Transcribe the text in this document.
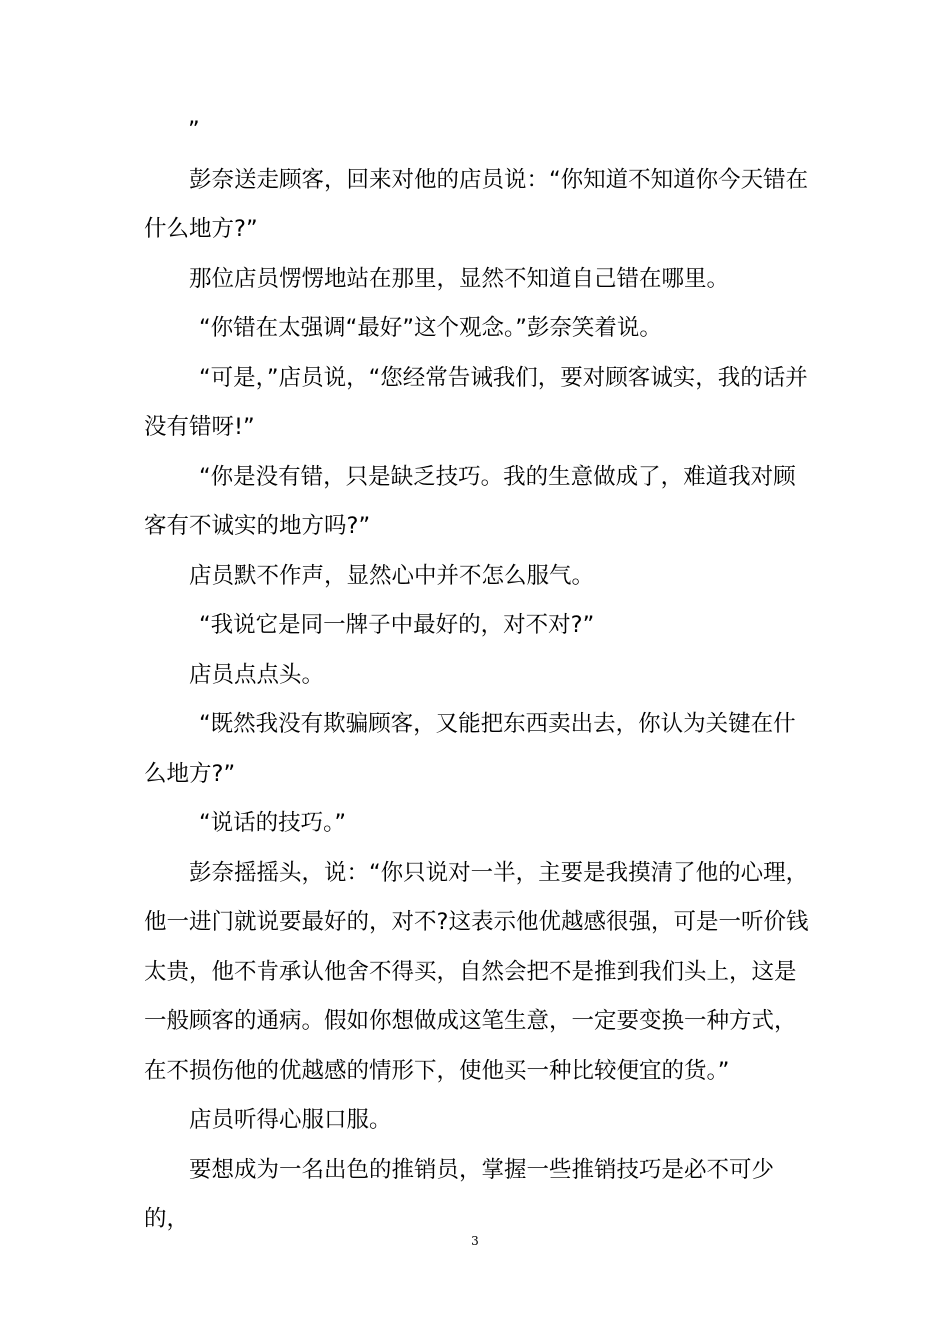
”

彭奈送走顾客，回来对他的店员说：“你知道不知道你今天错在什么地方?”

那位店员愣愣地站在那里，显然不知道自己错在哪里。

“你错在太强调“最好”这个观念。”彭奈笑着说。

“可是，”店员说，“您经常告诫我们，要对顾客诚实，我的话并没有错呀!”

“你是没有错，只是缺乏技巧。我的生意做成了，难道我对顾客有不诚实的地方吗?”

店员默不作声，显然心中并不怎么服气。

“我说它是同一牌子中最好的，对不对?”

店员点点头。

“既然我没有欺骗顾客，又能把东西卖出去，你认为关键在什么地方?”

“说话的技巧。”

彭奈摇摇头，说：“你只说对一半，主要是我摸清了他的心理，他一进门就说要最好的，对不?这表示他优越感很强，可是一听价钱太贵，他不肯承认他舍不得买，自然会把不是推到我们头上，这是一般顾客的通病。假如你想做成这笔生意，一定要变换一种方式，在不损伤他的优越感的情形下，使他买一种比较便宜的货。”

店员听得心服口服。

要想成为一名出色的推销员，掌握一些推销技巧是必不可少的，

3
